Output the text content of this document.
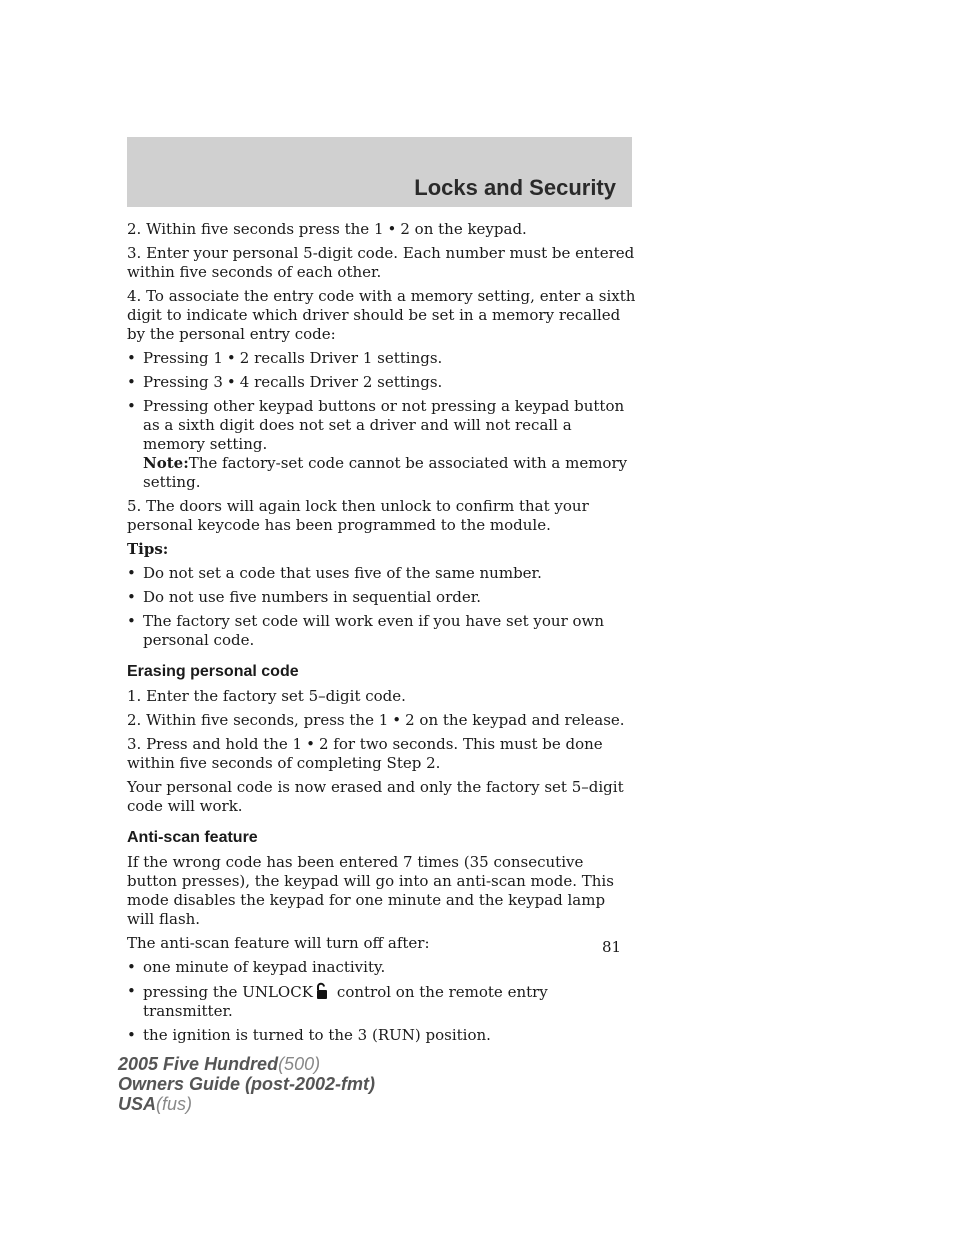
Locks and Security

2. Within five seconds press the 1 • 2 on the keypad.

3. Enter your personal 5-digit code. Each number must be entered within five seconds of each other.

4. To associate the entry code with a memory setting, enter a sixth digit to indicate which driver should be set in a memory recalled by the personal entry code:

• Pressing 1 • 2 recalls Driver 1 settings.
• Pressing 3 • 4 recalls Driver 2 settings.
• Pressing other keypad buttons or not pressing a keypad button as a sixth digit does not set a driver and will not recall a memory setting.
Note:The factory-set code cannot be associated with a memory setting.

5. The doors will again lock then unlock to confirm that your personal keycode has been programmed to the module.

Tips:

• Do not set a code that uses five of the same number.
• Do not use five numbers in sequential order.
• The factory set code will work even if you have set your own personal code.
Erasing personal code

1. Enter the factory set 5–digit code.

2. Within five seconds, press the 1 • 2 on the keypad and release.

3. Press and hold the 1 • 2 for two seconds. This must be done within five seconds of completing Step 2.

Your personal code is now erased and only the factory set 5–digit code will work.

Anti-scan feature

If the wrong code has been entered 7 times (35 consecutive button presses), the keypad will go into an anti-scan mode. This mode disables the keypad for one minute and the keypad lamp will flash.

The anti-scan feature will turn off after:

• one minute of keypad inactivity.
• pressing the UNLOCK control on the remote entry transmitter.
• the ignition is turned to the 3 (RUN) position.
81
2005 Five Hundred(500)
Owners Guide (post-2002-fmt)
USA(fus)
